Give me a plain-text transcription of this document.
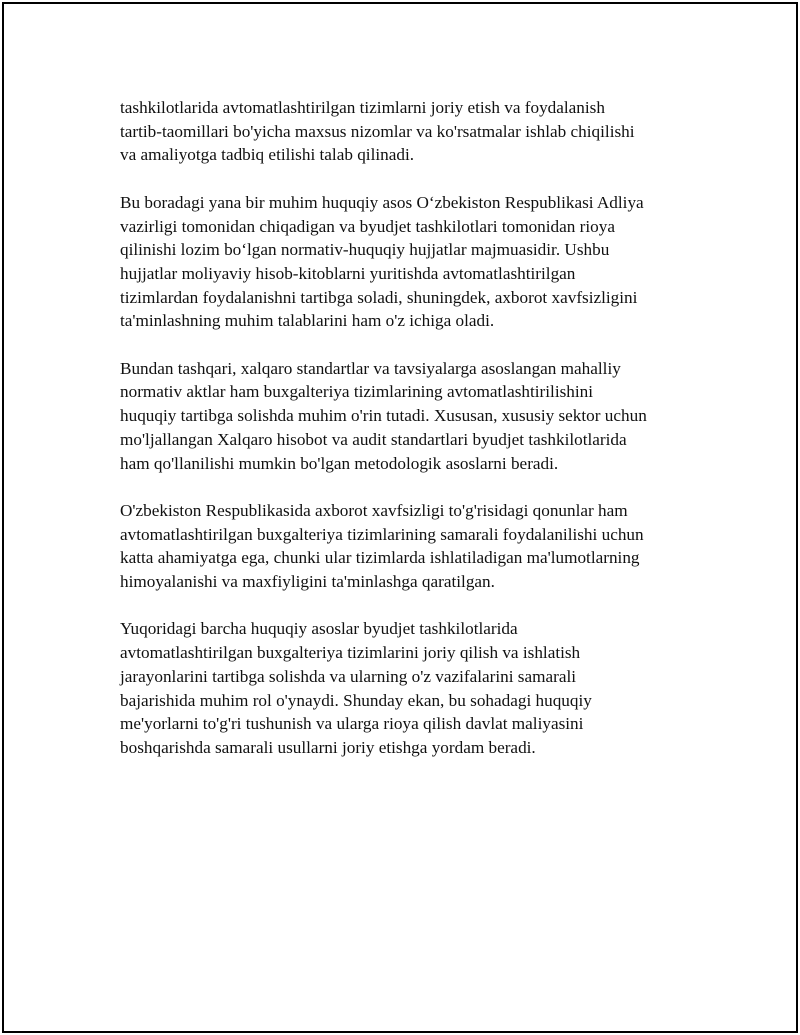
tashkilotlarida avtomatlashtirilgan tizimlarni joriy etish va foydalanish
tartib-taomillari bo'yicha maxsus nizomlar va ko'rsatmalar ishlab chiqilishi
va amaliyotga tadbiq etilishi talab qilinadi.

Bu boradagi yana bir muhim huquqiy asos O‘zbekiston Respublikasi Adliya
vazirligi tomonidan chiqadigan va byudjet tashkilotlari tomonidan rioya
qilinishi lozim bo‘lgan normativ-huquqiy hujjatlar majmuasidir. Ushbu
hujjatlar moliyaviy hisob-kitoblarni yuritishda avtomatlashtirilgan
tizimlardan foydalanishni tartibga soladi, shuningdek, axborot xavfsizligini
ta'minlashning muhim talablarini ham o'z ichiga oladi.

Bundan tashqari, xalqaro standartlar va tavsiyalarga asoslangan mahalliy
normativ aktlar ham buxgalteriya tizimlarining avtomatlashtirilishini
huquqiy tartibga solishda muhim o'rin tutadi. Xususan, xususiy sektor uchun
mo'ljallangan Xalqaro hisobot va audit standartlari byudjet tashkilotlarida
ham qo'llanilishi mumkin bo'lgan metodologik asoslarni beradi.

O'zbekiston Respublikasida axborot xavfsizligi to'g'risidagi qonunlar ham
avtomatlashtirilgan buxgalteriya tizimlarining samarali foydalanilishi uchun
katta ahamiyatga ega, chunki ular tizimlarda ishlatiladigan ma'lumotlarning
himoyalanishi va maxfiyligini ta'minlashga qaratilgan.

Yuqoridagi barcha huquqiy asoslar byudjet tashkilotlarida
avtomatlashtirilgan buxgalteriya tizimlarini joriy qilish va ishlatish
jarayonlarini tartibga solishda va ularning o'z vazifalarini samarali
bajarishida muhim rol o'ynaydi. Shunday ekan, bu sohadagi huquqiy
me'yorlarni to'g'ri tushunish va ularga rioya qilish davlat maliyasini
boshqarishda samarali usullarni joriy etishga yordam beradi.
